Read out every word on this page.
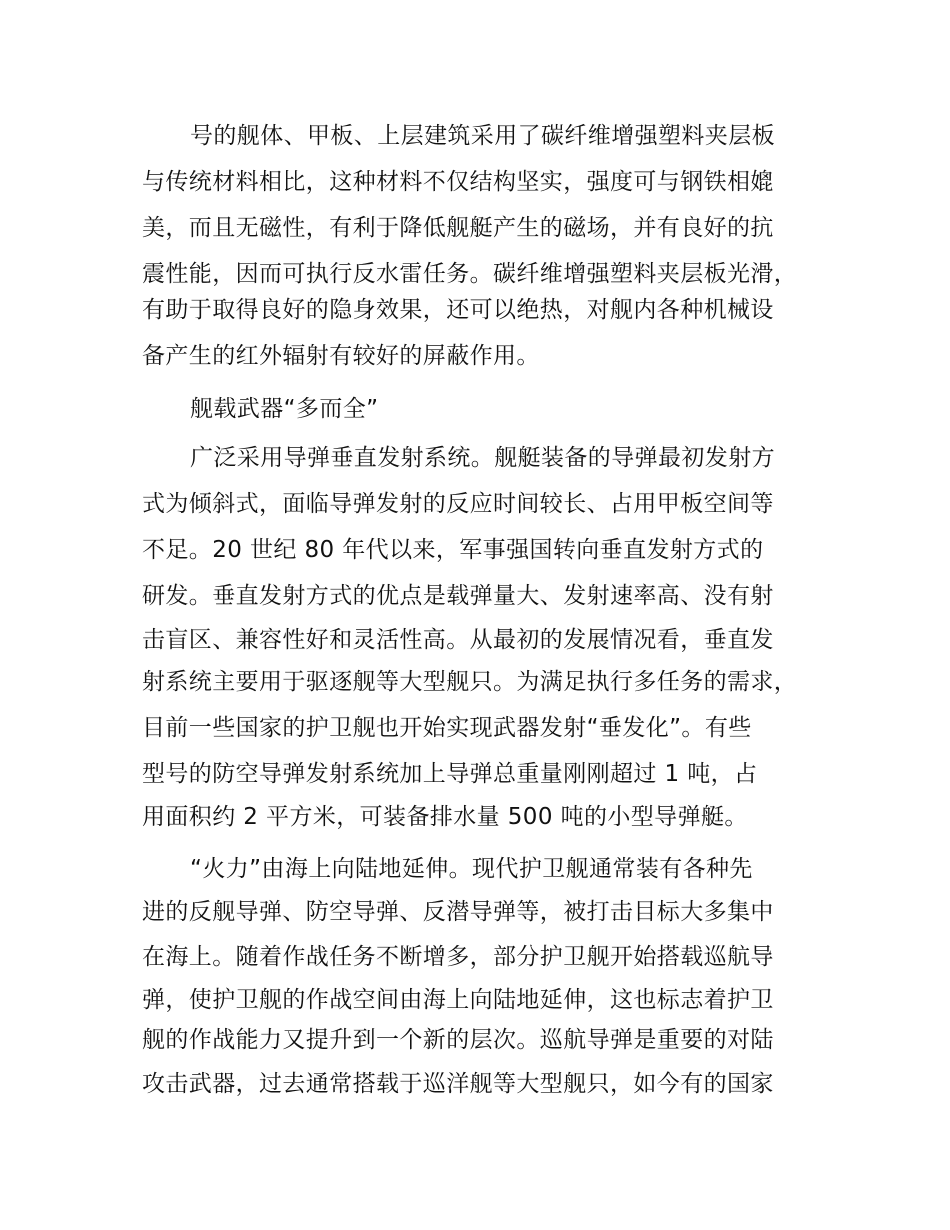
号的舰体、甲板、上层建筑采用了碳纤维增强塑料夹层板
与传统材料相比，这种材料不仅结构坚实，强度可与钢铁相媲
美，而且无磁性，有利于降低舰艇产生的磁场，并有良好的抗
震性能，因而可执行反水雷任务。碳纤维增强塑料夹层板光滑，
有助于取得良好的隐身效果，还可以绝热，对舰内各种机械设
备产生的红外辐射有较好的屏蔽作用。
舰载武器“多而全”
广泛采用导弹垂直发射系统。舰艇装备的导弹最初发射方
式为倾斜式，面临导弹发射的反应时间较长、占用甲板空间等
不足。20 世纪 80 年代以来，军事强国转向垂直发射方式的
研发。垂直发射方式的优点是载弹量大、发射速率高、没有射
击盲区、兼容性好和灵活性高。从最初的发展情况看，垂直发
射系统主要用于驱逐舰等大型舰只。为满足执行多任务的需求，
目前一些国家的护卫舰也开始实现武器发射“垂发化”。有些
型号的防空导弹发射系统加上导弹总重量刚刚超过 1 吨，占
用面积约 2 平方米，可装备排水量 500 吨的小型导弹艇。
“火力”由海上向陆地延伸。现代护卫舰通常装有各种先
进的反舰导弹、防空导弹、反潜导弹等，被打击目标大多集中
在海上。随着作战任务不断增多，部分护卫舰开始搭载巡航导
弹，使护卫舰的作战空间由海上向陆地延伸，这也标志着护卫
舰的作战能力又提升到一个新的层次。巡航导弹是重要的对陆
攻击武器，过去通常搭载于巡洋舰等大型舰只，如今有的国家
